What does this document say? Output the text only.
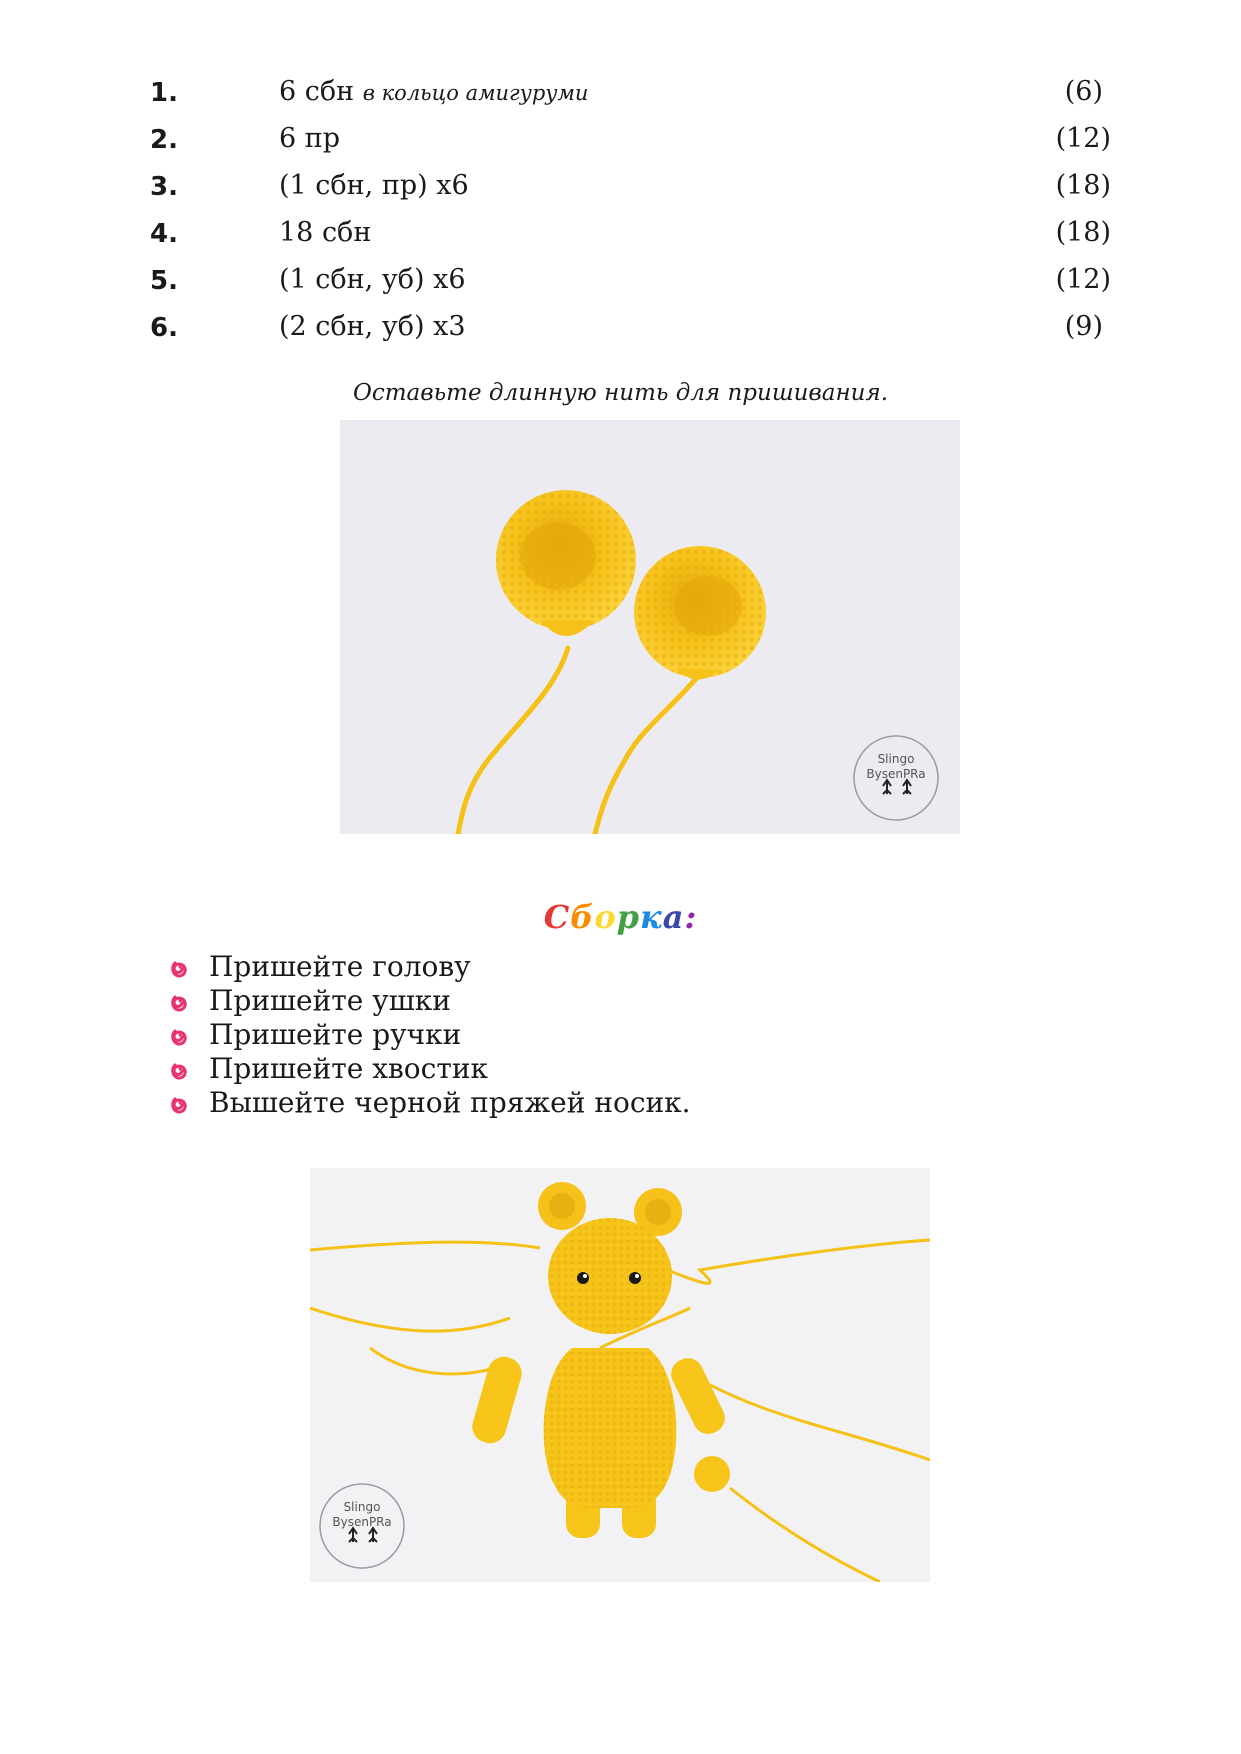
1.	6 сбн в кольцо амигуруми	(6)
2.	6 пр	(12)
3.	(1 сбн, пр) х6	(18)
4.	18 сбн	(18)
5.	(1 сбн, уб) х6	(12)
6.	(2 сбн, уб) х3	(9)
Оставьте длинную нить для пришивания.
Slingo
BysenPRa
Сборка:
Пришейте голову
Пришейте ушки
Пришейте ручки
Пришейте хвостик
Вышейте черной пряжей носик.
Slingo
BysenPRa
